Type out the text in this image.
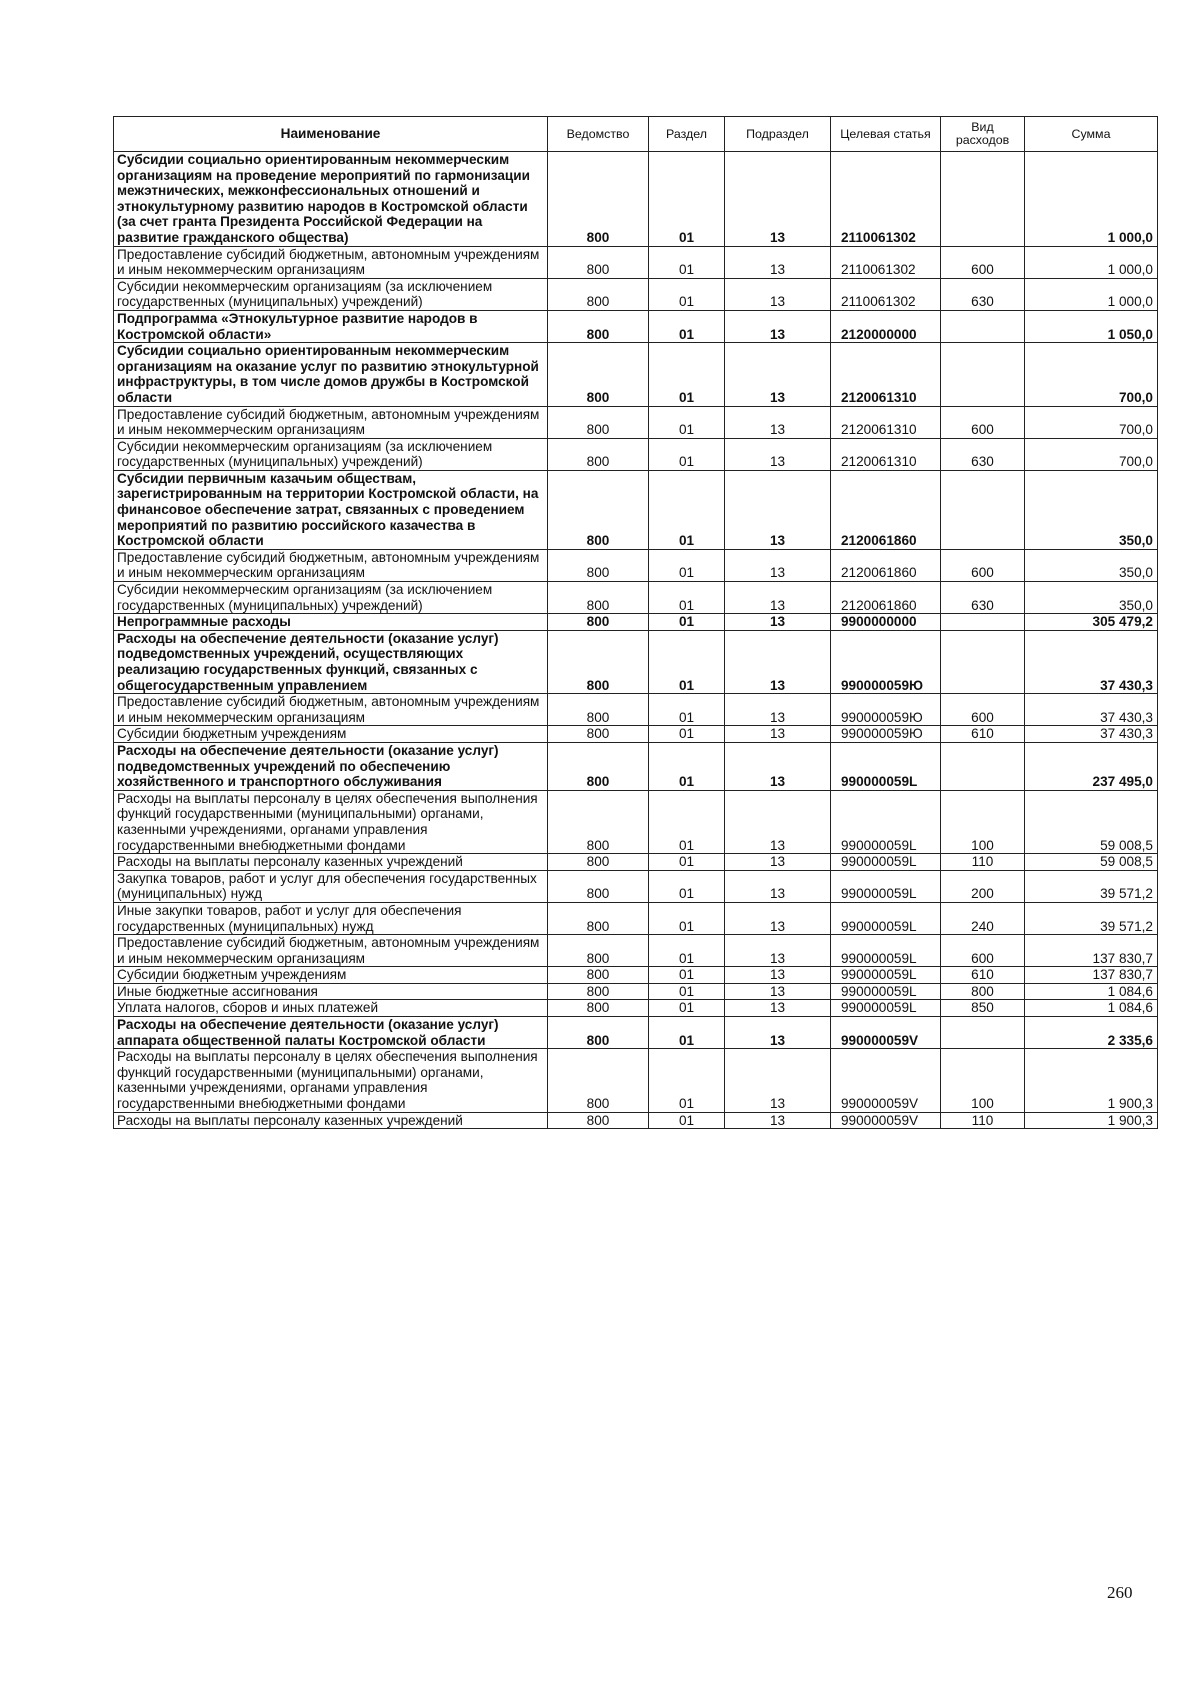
Наименование	Ведомство	Раздел	Подраздел	Целевая статья	Вид расходов	Сумма
Субсидии социально ориентированным некоммерческим организациям на проведение мероприятий по гармонизации межэтнических, межконфессиональных отношений и этнокультурному развитию народов в Костромской области (за счет гранта Президента Российской Федерации на развитие гражданского общества)	800	01	13	2110061302		1 000,0
Предоставление субсидий бюджетным, автономным учреждениям и иным некоммерческим организациям	800	01	13	2110061302	600	1 000,0
Субсидии некоммерческим организациям (за исключением государственных (муниципальных) учреждений)	800	01	13	2110061302	630	1 000,0
Подпрограмма «Этнокультурное развитие народов в Костромской области»	800	01	13	2120000000		1 050,0
Субсидии социально ориентированным некоммерческим организациям на оказание услуг по развитию этнокультурной инфраструктуры, в том числе домов дружбы в Костромской области	800	01	13	2120061310		700,0
Предоставление субсидий бюджетным, автономным учреждениям и иным некоммерческим организациям	800	01	13	2120061310	600	700,0
Субсидии некоммерческим организациям (за исключением государственных (муниципальных) учреждений)	800	01	13	2120061310	630	700,0
Субсидии первичным казачьим обществам, зарегистрированным на территории Костромской области, на финансовое обеспечение затрат, связанных с проведением мероприятий по развитию российского казачества в Костромской области	800	01	13	2120061860		350,0
Предоставление субсидий бюджетным, автономным учреждениям и иным некоммерческим организациям	800	01	13	2120061860	600	350,0
Субсидии некоммерческим организациям (за исключением государственных (муниципальных) учреждений)	800	01	13	2120061860	630	350,0
Непрограммные расходы	800	01	13	9900000000		305 479,2
Расходы на обеспечение деятельности (оказание услуг) подведомственных учреждений, осуществляющих реализацию государственных функций, связанных с общегосударственным управлением	800	01	13	990000059Ю		37 430,3
Предоставление субсидий бюджетным, автономным учреждениям и иным некоммерческим организациям	800	01	13	990000059Ю	600	37 430,3
Субсидии бюджетным учреждениям	800	01	13	990000059Ю	610	37 430,3
Расходы на обеспечение деятельности (оказание услуг) подведомственных учреждений по обеспечению хозяйственного и транспортного обслуживания	800	01	13	990000059L		237 495,0
Расходы на выплаты персоналу в целях обеспечения выполнения функций государственными (муниципальными) органами, казенными учреждениями, органами управления государственными внебюджетными фондами	800	01	13	990000059L	100	59 008,5
Расходы на выплаты персоналу казенных учреждений	800	01	13	990000059L	110	59 008,5
Закупка товаров, работ и услуг для обеспечения государственных (муниципальных) нужд	800	01	13	990000059L	200	39 571,2
Иные закупки товаров, работ и услуг для обеспечения государственных (муниципальных) нужд	800	01	13	990000059L	240	39 571,2
Предоставление субсидий бюджетным, автономным учреждениям и иным некоммерческим организациям	800	01	13	990000059L	600	137 830,7
Субсидии бюджетным учреждениям	800	01	13	990000059L	610	137 830,7
Иные бюджетные ассигнования	800	01	13	990000059L	800	1 084,6
Уплата налогов, сборов и иных платежей	800	01	13	990000059L	850	1 084,6
Расходы на обеспечение деятельности (оказание услуг) аппарата общественной палаты Костромской области	800	01	13	990000059V		2 335,6
Расходы на выплаты персоналу в целях обеспечения выполнения функций государственными (муниципальными) органами, казенными учреждениями, органами управления государственными внебюджетными фондами	800	01	13	990000059V	100	1 900,3
Расходы на выплаты персоналу казенных учреждений	800	01	13	990000059V	110	1 900,3
260
